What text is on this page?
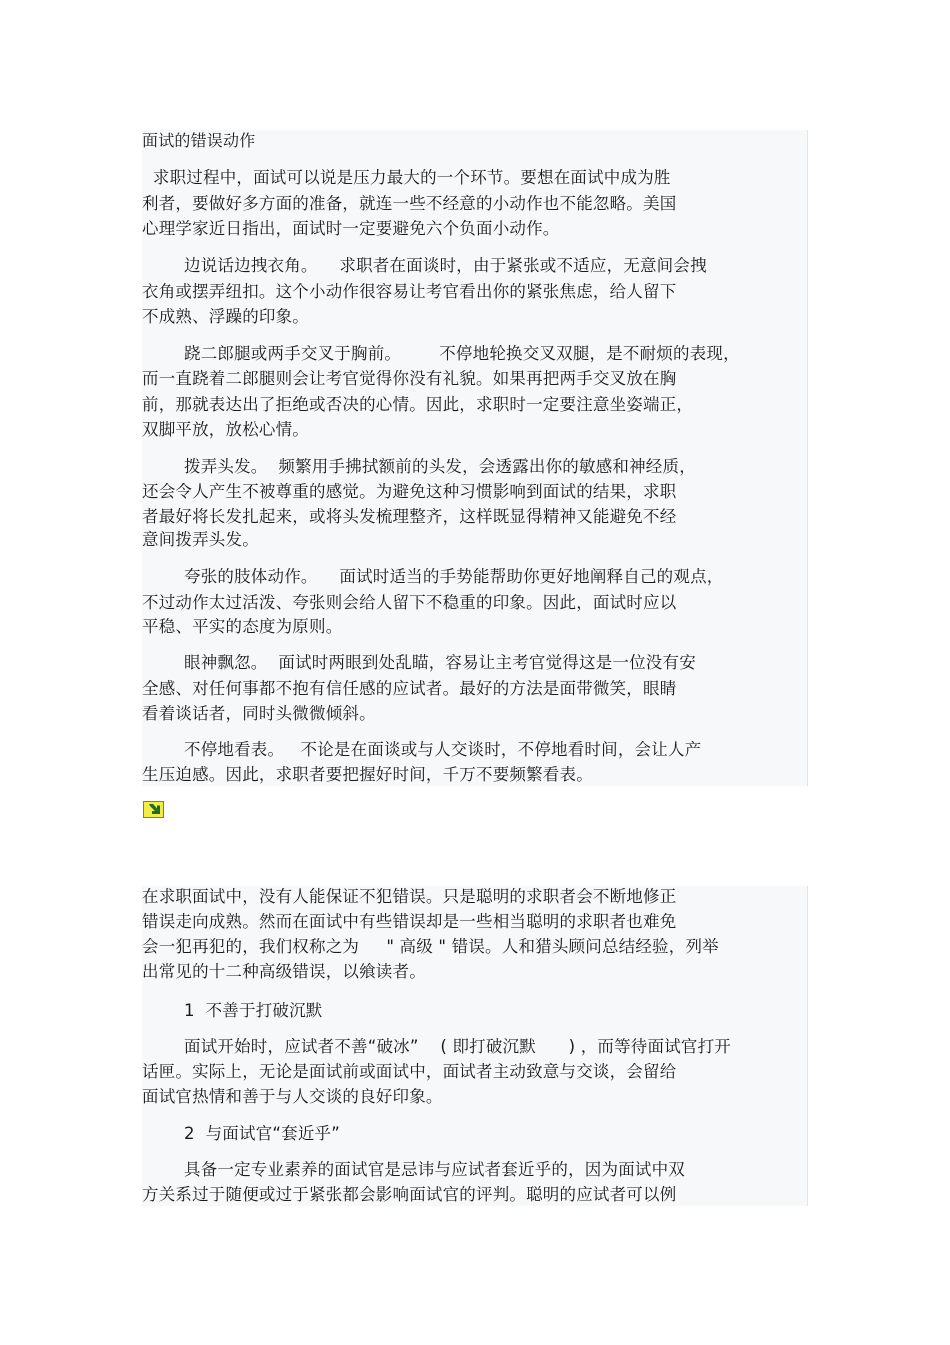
面试的错误动作
求职过程中，面试可以说是压力最大的一个环节。要想在面试中成为胜
利者，要做好多方面的准备，就连一些不经意的小动作也不能忽略。美国
心理学家近日指出，面试时一定要避免六个负面小动作。
边说话边拽衣角。    求职者在面谈时，由于紧张或不适应，无意间会拽
衣角或摆弄纽扣。这个小动作很容易让考官看出你的紧张焦虑，给人留下
不成熟、浮躁的印象。
跷二郎腿或两手交叉于胸前。       不停地轮换交叉双腿，是不耐烦的表现，
而一直跷着二郎腿则会让考官觉得你没有礼貌。如果再把两手交叉放在胸
前，那就表达出了拒绝或否决的心情。因此，求职时一定要注意坐姿端正，
双脚平放，放松心情。
拨弄头发。  频繁用手拂拭额前的头发，会透露出你的敏感和神经质，
还会令人产生不被尊重的感觉。为避免这种习惯影响到面试的结果，求职
者最好将长发扎起来，或将头发梳理整齐，这样既显得精神又能避免不经
意间拨弄头发。
夸张的肢体动作。    面试时适当的手势能帮助你更好地阐释自己的观点，
不过动作太过活泼、夸张则会给人留下不稳重的印象。因此，面试时应以
平稳、平实的态度为原则。
眼神飘忽。  面试时两眼到处乱瞄，容易让主考官觉得这是一位没有安
全感、对任何事都不抱有信任感的应试者。最好的方法是面带微笑，眼睛
看着谈话者，同时头微微倾斜。
不停地看表。   不论是在面谈或与人交谈时，不停地看时间，会让人产
生压迫感。因此，求职者要把握好时间，千万不要频繁看表。
在求职面试中，没有人能保证不犯错误。只是聪明的求职者会不断地修正
错误走向成熟。然而在面试中有些错误却是一些相当聪明的求职者也难免
会一犯再犯的，我们权称之为     " 高级 " 错误。人和猎头顾问总结经验，列举
出常见的十二种高级错误，以飨读者。
1  不善于打破沉默
面试开始时，应试者不善“破冰”    ( 即打破沉默      ) ，而等待面试官打开
话匣。实际上，无论是面试前或面试中，面试者主动致意与交谈，会留给
面试官热情和善于与人交谈的良好印象。
2  与面试官“套近乎”
具备一定专业素养的面试官是忌讳与应试者套近乎的，因为面试中双
方关系过于随便或过于紧张都会影响面试官的评判。聪明的应试者可以例
